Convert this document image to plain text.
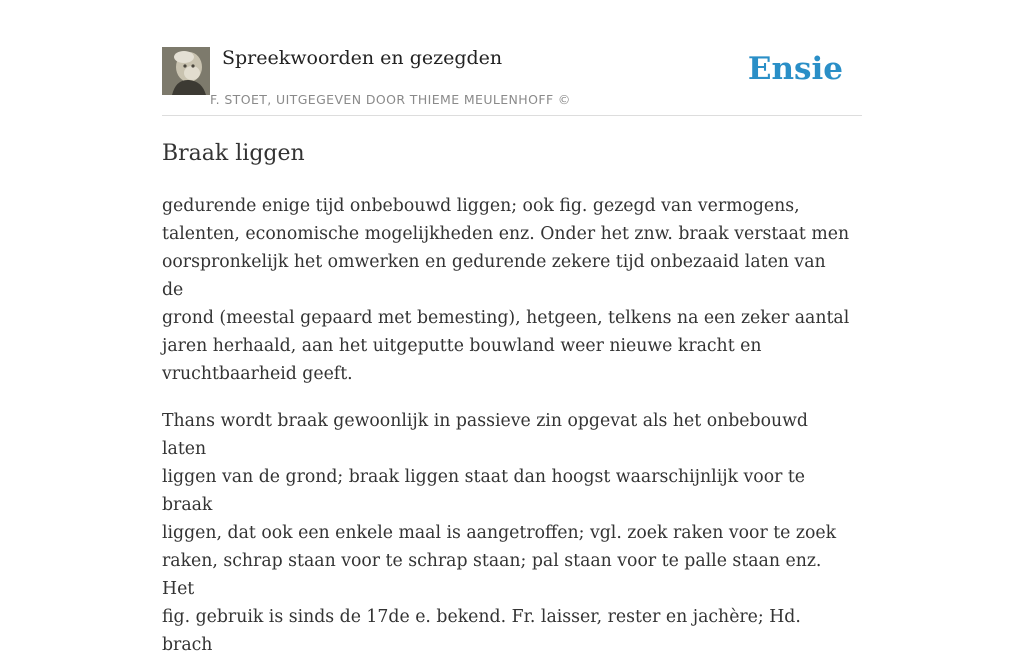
Spreekwoorden en gezegden
F. STOET, UITGEGEVEN DOOR THIEME MEULENHOFF ©
Ensie
Braak liggen

gedurende enige tijd onbebouwd liggen; ook fig. gezegd van vermogens,

talenten, economische mogelijkheden enz. Onder het znw. braak verstaat men

oorspronkelijk het omwerken en gedurende zekere tijd onbezaaid laten van de

grond (meestal gepaard met bemesting), hetgeen, telkens na een zeker aantal

jaren herhaald, aan het uitgeputte bouwland weer nieuwe kracht en

vruchtbaarheid geeft.

Thans wordt braak gewoonlijk in passieve zin opgevat als het onbebouwd laten

liggen van de grond; braak liggen staat dan hoogst waarschijnlijk voor te braak

liggen, dat ook een enkele maal is aangetroffen; vgl. zoek raken voor te zoek

raken, schrap staan voor te schrap staan; pal staan voor te palle staan enz. Het

fig. gebruik is sinds de 17de e. bekend. Fr. laisser, rester en jachère; Hd. brach
